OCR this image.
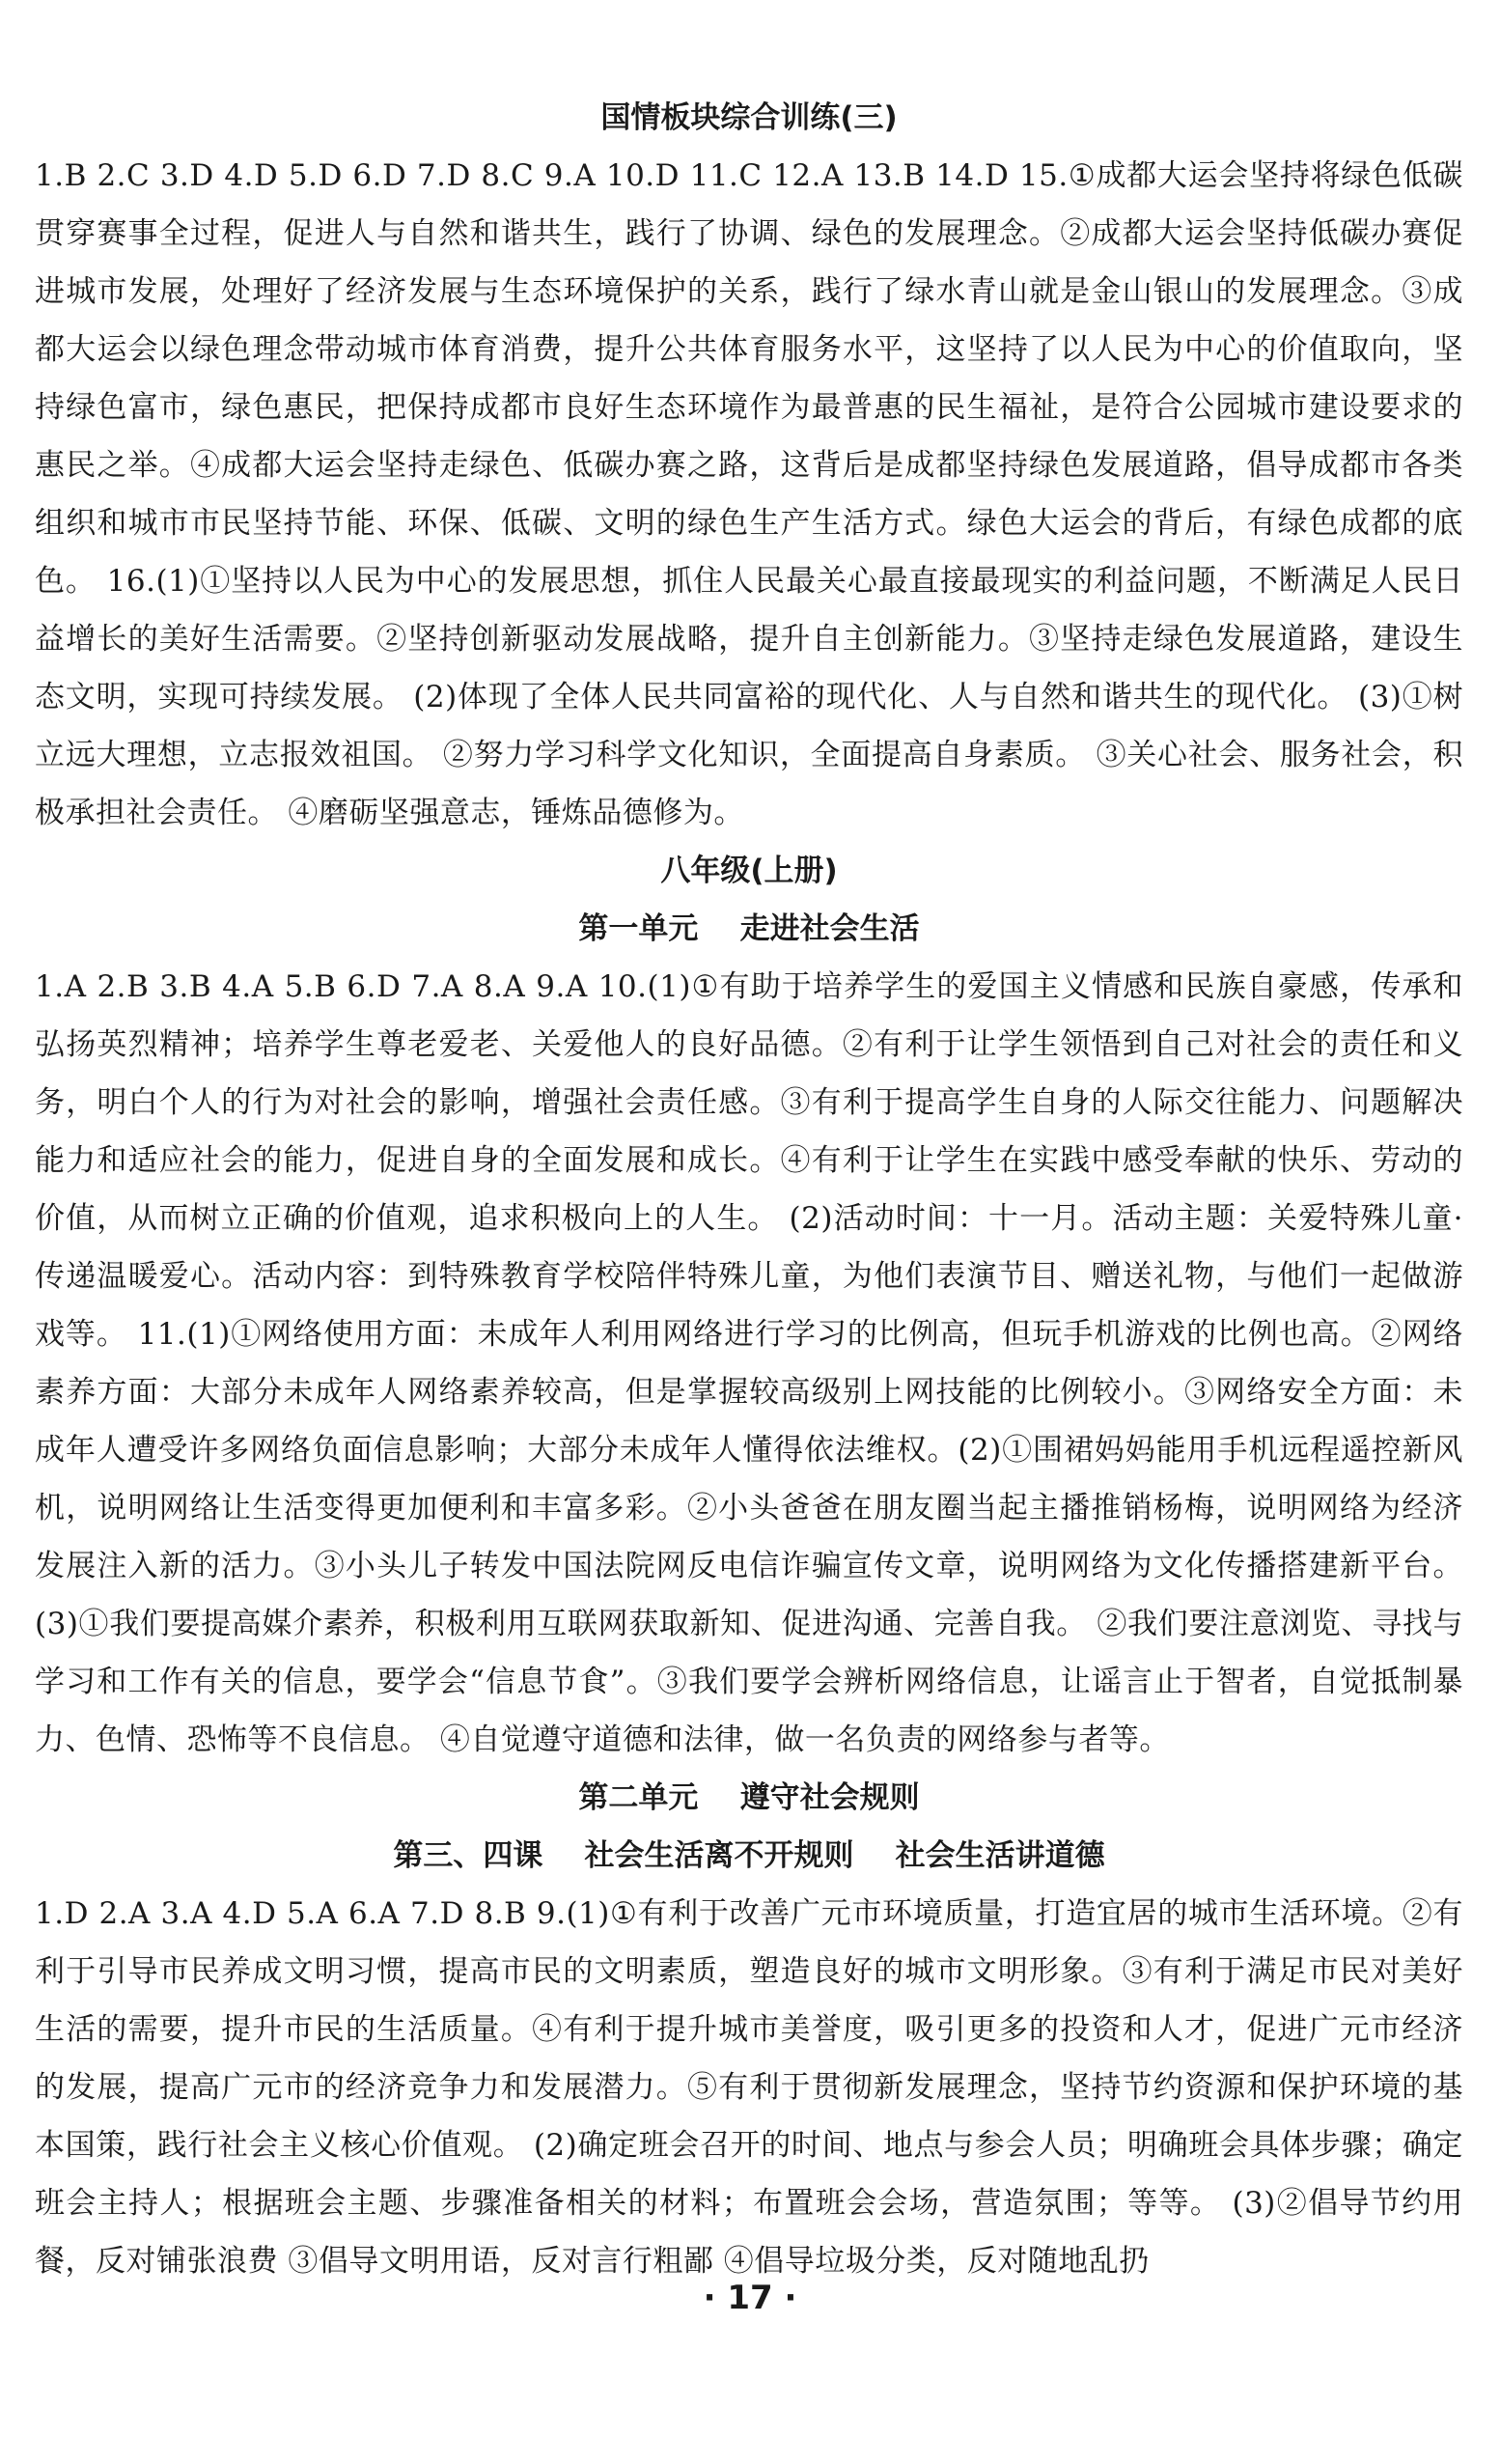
国情板块综合训练(三)

1.B 2.C 3.D 4.D 5.D 6.D 7.D 8.C 9.A 10.D 11.C 12.A 13.B 14.D 15.①成都大运会坚持将绿色低碳贯穿赛事全过程，促进人与自然和谐共生，践行了协调、绿色的发展理念。②成都大运会坚持低碳办赛促进城市发展，处理好了经济发展与生态环境保护的关系，践行了绿水青山就是金山银山的发展理念。③成都大运会以绿色理念带动城市体育消费，提升公共体育服务水平，这坚持了以人民为中心的价值取向，坚持绿色富市，绿色惠民，把保持成都市良好生态环境作为最普惠的民生福祉，是符合公园城市建设要求的惠民之举。④成都大运会坚持走绿色、低碳办赛之路，这背后是成都坚持绿色发展道路，倡导成都市各类组织和城市市民坚持节能、环保、低碳、文明的绿色生产生活方式。绿色大运会的背后，有绿色成都的底色。 16.(1)①坚持以人民为中心的发展思想，抓住人民最关心最直接最现实的利益问题，不断满足人民日益增长的美好生活需要。②坚持创新驱动发展战略，提升自主创新能力。③坚持走绿色发展道路，建设生态文明，实现可持续发展。 (2)体现了全体人民共同富裕的现代化、人与自然和谐共生的现代化。 (3)①树立远大理想，立志报效祖国。 ②努力学习科学文化知识，全面提高自身素质。 ③关心社会、服务社会，积极承担社会责任。 ④磨砺坚强意志，锤炼品德修为。

八年级(上册)
第一单元    走进社会生活

1.A 2.B 3.B 4.A 5.B 6.D 7.A 8.A 9.A 10.(1)①有助于培养学生的爱国主义情感和民族自豪感，传承和弘扬英烈精神；培养学生尊老爱老、关爱他人的良好品德。②有利于让学生领悟到自己对社会的责任和义务，明白个人的行为对社会的影响，增强社会责任感。③有利于提高学生自身的人际交往能力、问题解决能力和适应社会的能力，促进自身的全面发展和成长。④有利于让学生在实践中感受奉献的快乐、劳动的价值，从而树立正确的价值观，追求积极向上的人生。 (2)活动时间：十一月。活动主题：关爱特殊儿童·传递温暖爱心。活动内容：到特殊教育学校陪伴特殊儿童，为他们表演节目、赠送礼物，与他们一起做游戏等。 11.(1)①网络使用方面：未成年人利用网络进行学习的比例高，但玩手机游戏的比例也高。②网络素养方面：大部分未成年人网络素养较高，但是掌握较高级别上网技能的比例较小。③网络安全方面：未成年人遭受许多网络负面信息影响；大部分未成年人懂得依法维权。(2)①围裙妈妈能用手机远程遥控新风机，说明网络让生活变得更加便利和丰富多彩。②小头爸爸在朋友圈当起主播推销杨梅，说明网络为经济发展注入新的活力。③小头儿子转发中国法院网反电信诈骗宣传文章，说明网络为文化传播搭建新平台。 (3)①我们要提高媒介素养，积极利用互联网获取新知、促进沟通、完善自我。 ②我们要注意浏览、寻找与学习和工作有关的信息，要学会“信息节食”。③我们要学会辨析网络信息，让谣言止于智者，自觉抵制暴力、色情、恐怖等不良信息。 ④自觉遵守道德和法律，做一名负责的网络参与者等。

第二单元    遵守社会规则
第三、四课    社会生活离不开规则    社会生活讲道德

1.D 2.A 3.A 4.D 5.A 6.A 7.D 8.B 9.(1)①有利于改善广元市环境质量，打造宜居的城市生活环境。②有利于引导市民养成文明习惯，提高市民的文明素质，塑造良好的城市文明形象。③有利于满足市民对美好生活的需要，提升市民的生活质量。④有利于提升城市美誉度，吸引更多的投资和人才，促进广元市经济的发展，提高广元市的经济竞争力和发展潜力。⑤有利于贯彻新发展理念，坚持节约资源和保护环境的基本国策，践行社会主义核心价值观。 (2)确定班会召开的时间、地点与参会人员；明确班会具体步骤；确定班会主持人；根据班会主题、步骤准备相关的材料；布置班会会场，营造氛围；等等。 (3)②倡导节约用餐，反对铺张浪费 ③倡导文明用语，反对言行粗鄙 ④倡导垃圾分类，反对随地乱扔

· 17 ·
